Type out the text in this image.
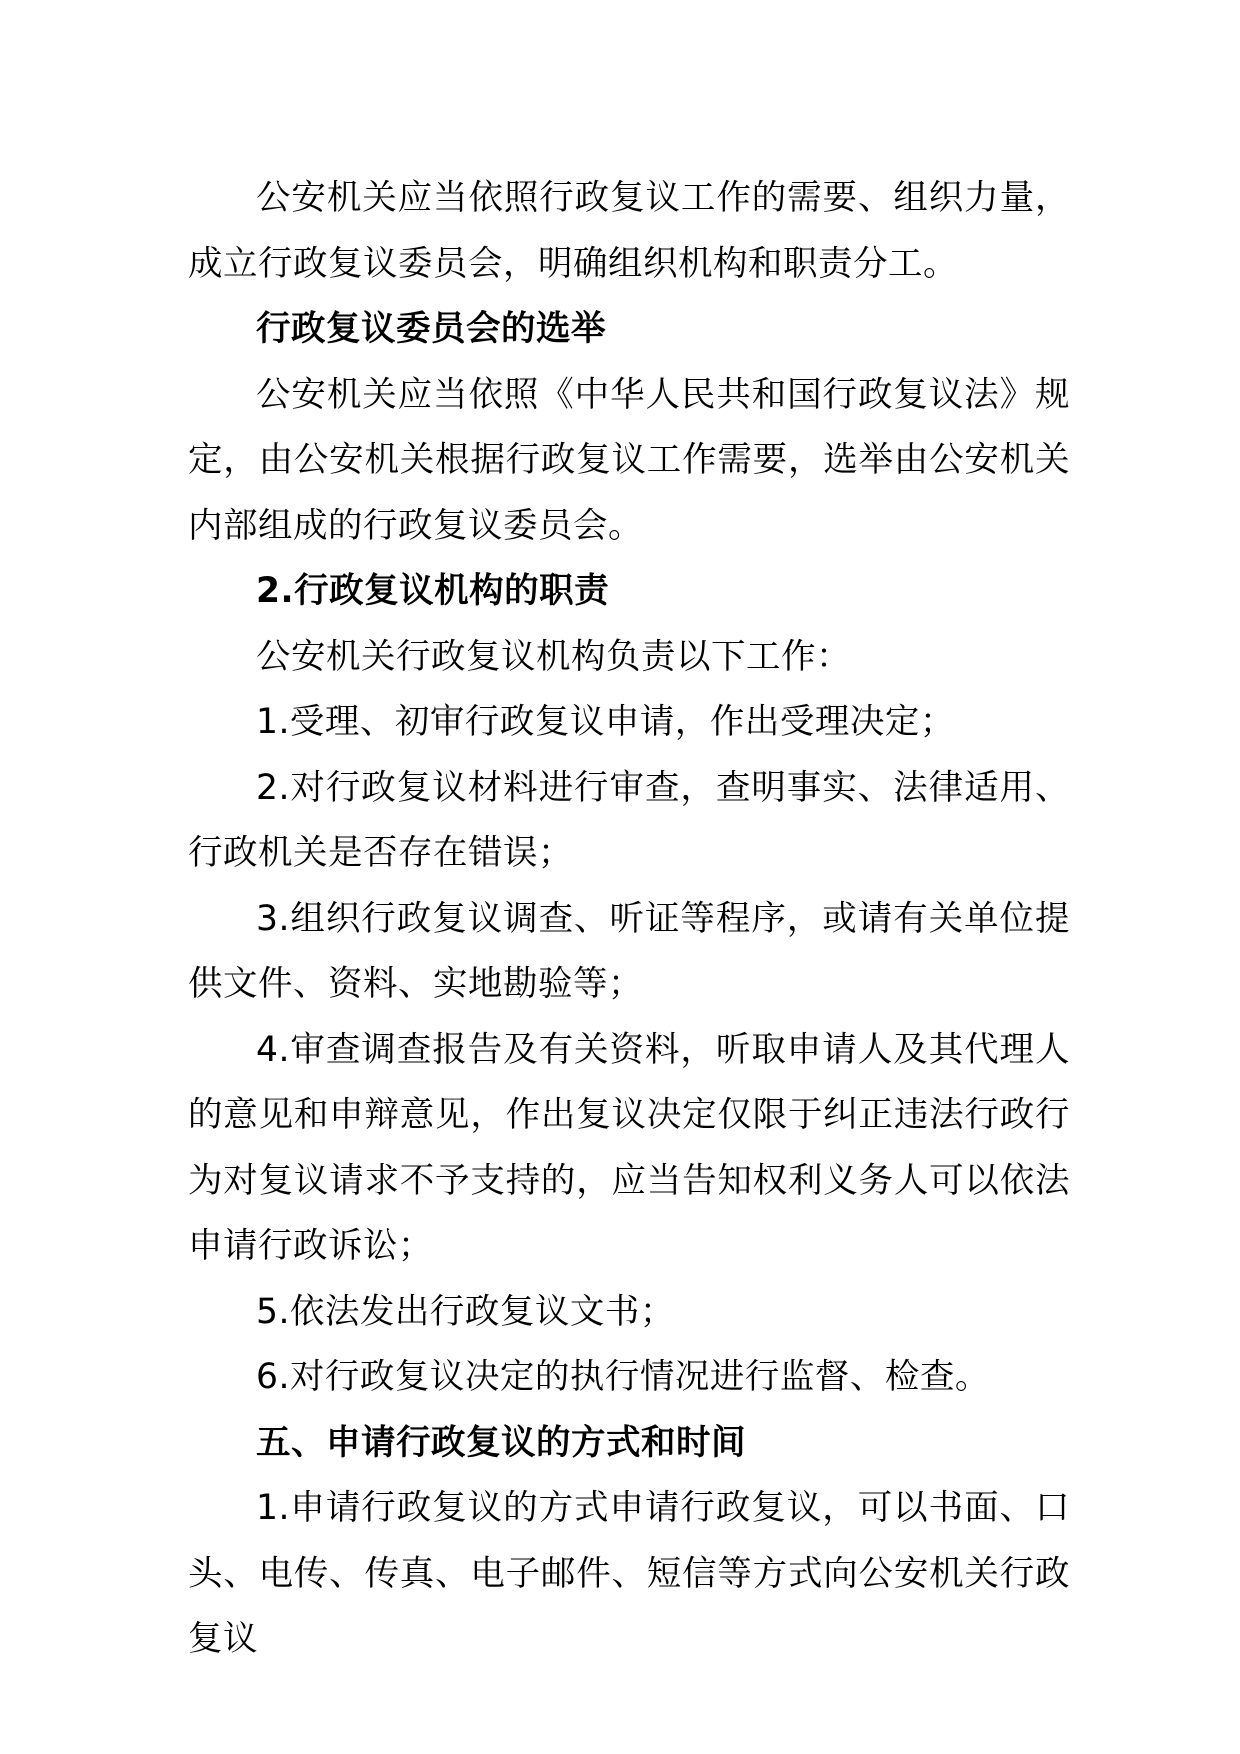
公安机关应当依照行政复议工作的需要、组织力量，成立行政复议委员会，明确组织机构和职责分工。

行政复议委员会的选举

公安机关应当依照《中华人民共和国行政复议法》规定，由公安机关根据行政复议工作需要，选举由公安机关内部组成的行政复议委员会。

2.行政复议机构的职责

公安机关行政复议机构负责以下工作：

1.受理、初审行政复议申请，作出受理决定；

2.对行政复议材料进行审查，查明事实、法律适用、行政机关是否存在错误；

3.组织行政复议调查、听证等程序，或请有关单位提供文件、资料、实地勘验等；

4.审查调查报告及有关资料，听取申请人及其代理人的意见和申辩意见，作出复议决定仅限于纠正违法行政行为对复议请求不予支持的，应当告知权利义务人可以依法申请行政诉讼；

5.依法发出行政复议文书；

6.对行政复议决定的执行情况进行监督、检查。

五、申请行政复议的方式和时间

1.申请行政复议的方式申请行政复议，可以书面、口头、电传、传真、电子邮件、短信等方式向公安机关行政复议
